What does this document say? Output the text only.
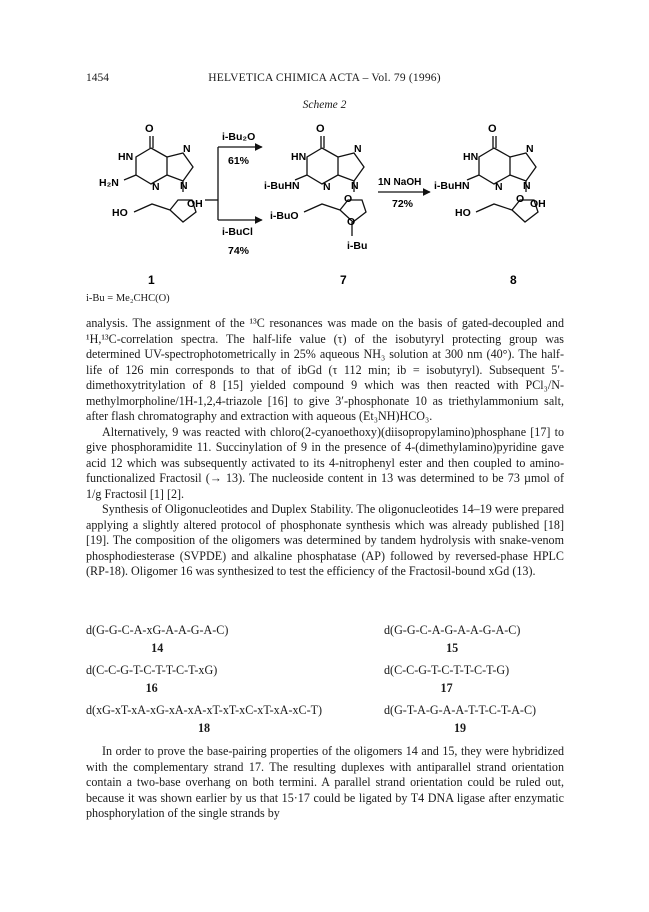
1454	HELVETICA CHIMICA ACTA – Vol. 79 (1996)
Scheme 2
O
HN
N
N N
H₂N
HO
OH
1
i-Bu₂O
61%
i-BuCl
74%
O
HN
N
N N
i-BuHN
i-BuO
O
O
i-Bu
7
1N NaOH
72%
O
HN
N
N N
i-BuHN
HO
OH
O
8
i-Bu = Me₂CHC(O)

analysis. The assignment of the ¹³C resonances was made on the basis of gated-decoupled and ¹H,¹³C-correlation spectra. The half-life value (τ) of the isobutyryl protecting group was determined UV-spectrophotometrically in 25% aqueous NH₃ solution at 300 nm (40°). The half-life of 126 min corresponds to that of ibGd (τ 112 min; ib = isobutyryl). Subsequent 5′-dimethoxytritylation of 8 [15] yielded compound 9 which was then reacted with PCl₃/N-methylmorpholine/1H-1,2,4-triazole [16] to give 3′-phosphonate 10 as triethylammonium salt, after flash chromatography and extraction with aqueous (Et₃NH)HCO₃.

Alternatively, 9 was reacted with chloro(2-cyanoethoxy)(diisopropylamino)phosphane [17] to give phosphoramidite 11. Succinylation of 9 in the presence of 4-(dimethylamino)pyridine gave acid 12 which was subsequently activated to its 4-nitrophenyl ester and then coupled to amino-functionalized Fractosil (→ 13). The nucleoside content in 13 was determined to be 73 µmol of 1/g Fractosil [1] [2].

Synthesis of Oligonucleotides and Duplex Stability. The oligonucleotides 14–19 were prepared applying a slightly altered protocol of phosphonate synthesis which was already published [18] [19]. The composition of the oligomers was determined by tandem hydrolysis with snake-venom phosphodiesterase (SVPDE) and alkaline phosphatase (AP) followed by reversed-phase HPLC (RP-18). Oligomer 16 was synthesized to test the efficiency of the Fractosil-bound xGd (13).

d(G-G-C-A-xG-A-A-G-A-C)
14
d(G-G-C-A-G-A-A-G-A-C)
15
d(C-C-G-T-C-T-T-C-T-xG)
16
d(C-C-G-T-C-T-T-C-T-G)
17
d(xG-xT-xA-xG-xA-xA-xT-xT-xC-xT-xA-xC-T)
18
d(G-T-A-G-A-A-T-T-C-T-A-C)
19

In order to prove the base-pairing properties of the oligomers 14 and 15, they were hybridized with the complementary strand 17. The resulting duplexes with antiparallel strand orientation contain a two-base overhang on both termini. A parallel strand orientation could be ruled out, because it was shown earlier by us that 15·17 could be ligated by T4 DNA ligase after enzymatic phosphorylation of the single strands by
